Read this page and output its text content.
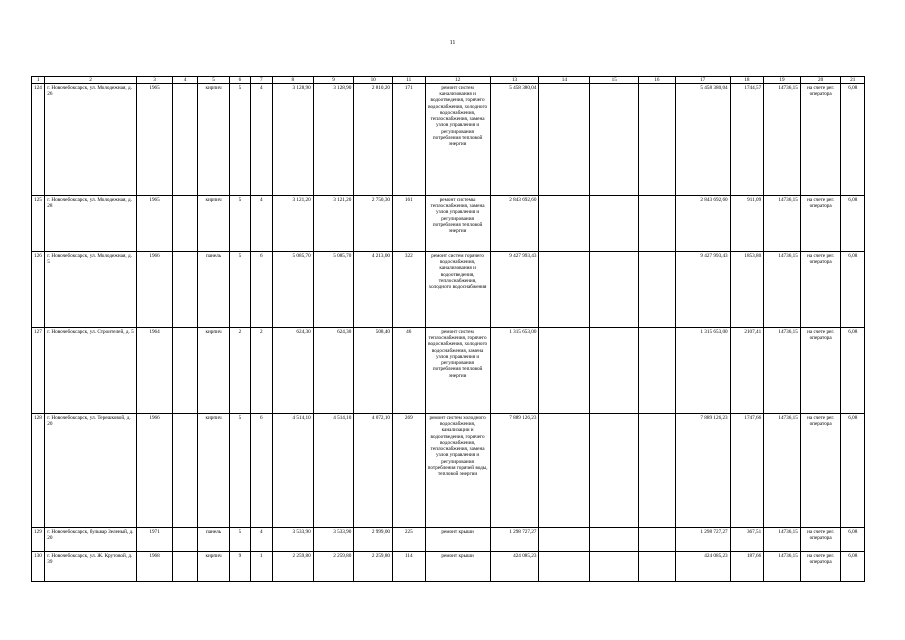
11
1	2	3	4	5	6	7	8	9	10	11	12	13	14	15	16	17	18	19	20	21
124	г. Новочебоксарск, ул. Молодежная, д. 26	1965		кирпич	5	4	3 128,90	3 128,90	2 810,20	171	ремонт систем канализования и водоотведения, горячего водоснабжения, холодного водоснабжения, теплоснабжения, замена узлов управления и регулирования потребления тепловой энергии	5 458 380,04				5 458 380,04	1744,57	14736,15	на счете рег. оператора	6,08
125	г. Новочебоксарск, ул. Молодежная, д. 28	1965		кирпич	5	4	3 121,20	3 121,20	2 750,30	161	ремонт системы теплоснабжения, замена узлов управления и регулирования потребления тепловой энергии	2 843 692,60				2 843 692,60	911,09	14736,15	на счете рег. оператора	6,08
126	г. Новочебоксарск, ул. Молодежная, д. 5	1966		панель	5	6	5 085,70	5 085,70	4 213,00	322	ремонт систем горячего водоснабжения, канализования и водоотведения, теплоснабжения, холодного водоснабжения	9 427 993,43				9 427 993,43	1853,80	14736,15	на счете рег. оператора	6,08
127	г. Новочебоксарск, ул. Строителей, д. 5	1964		кирпич	2	2	624,30	624,30	508,40	46	ремонт систем теплоснабжения, горячего водоснабжения, холодного водоснабжения, замена узлов управления и регулирования потребления тепловой энергии	1 315 653,00				1 315 653,00	2107,41	14736,15	на счете рег. оператора	6,08
128	г. Новочебоксарск, ул. Терешковой, д. 20	1966		кирпич	5	6	4 514,10	4 514,10	4 072,10	269	ремонт систем холодного водоснабжения, канализации и водоотведения, горячего водоснабжения, теплоснабжения, замена узлов управления и регулирования потребления горячей воды, тепловой энергии	7 889 126,23				7 889 126,23	1747,66	14736,15	на счете рег. оператора	6,08
129	г. Новочебоксарск, бульвар Зеленый, д. 20	1971		панель	5	4	3 533,90	3 533,90	2 999,00	225	ремонт крыши	1 298 727,27				1 298 727,27	367,51	14736,15	на счете рег. оператора	6,08
130	г. Новочебоксарск, ул. Ж. Крутовой, д. 39	1968		кирпич	9	1	2 259,80	2 259,80	2 259,80	114	ремонт крыши	424 085,23				424 085,23	187,66	14736,15	на счете рег. оператора	6,08
